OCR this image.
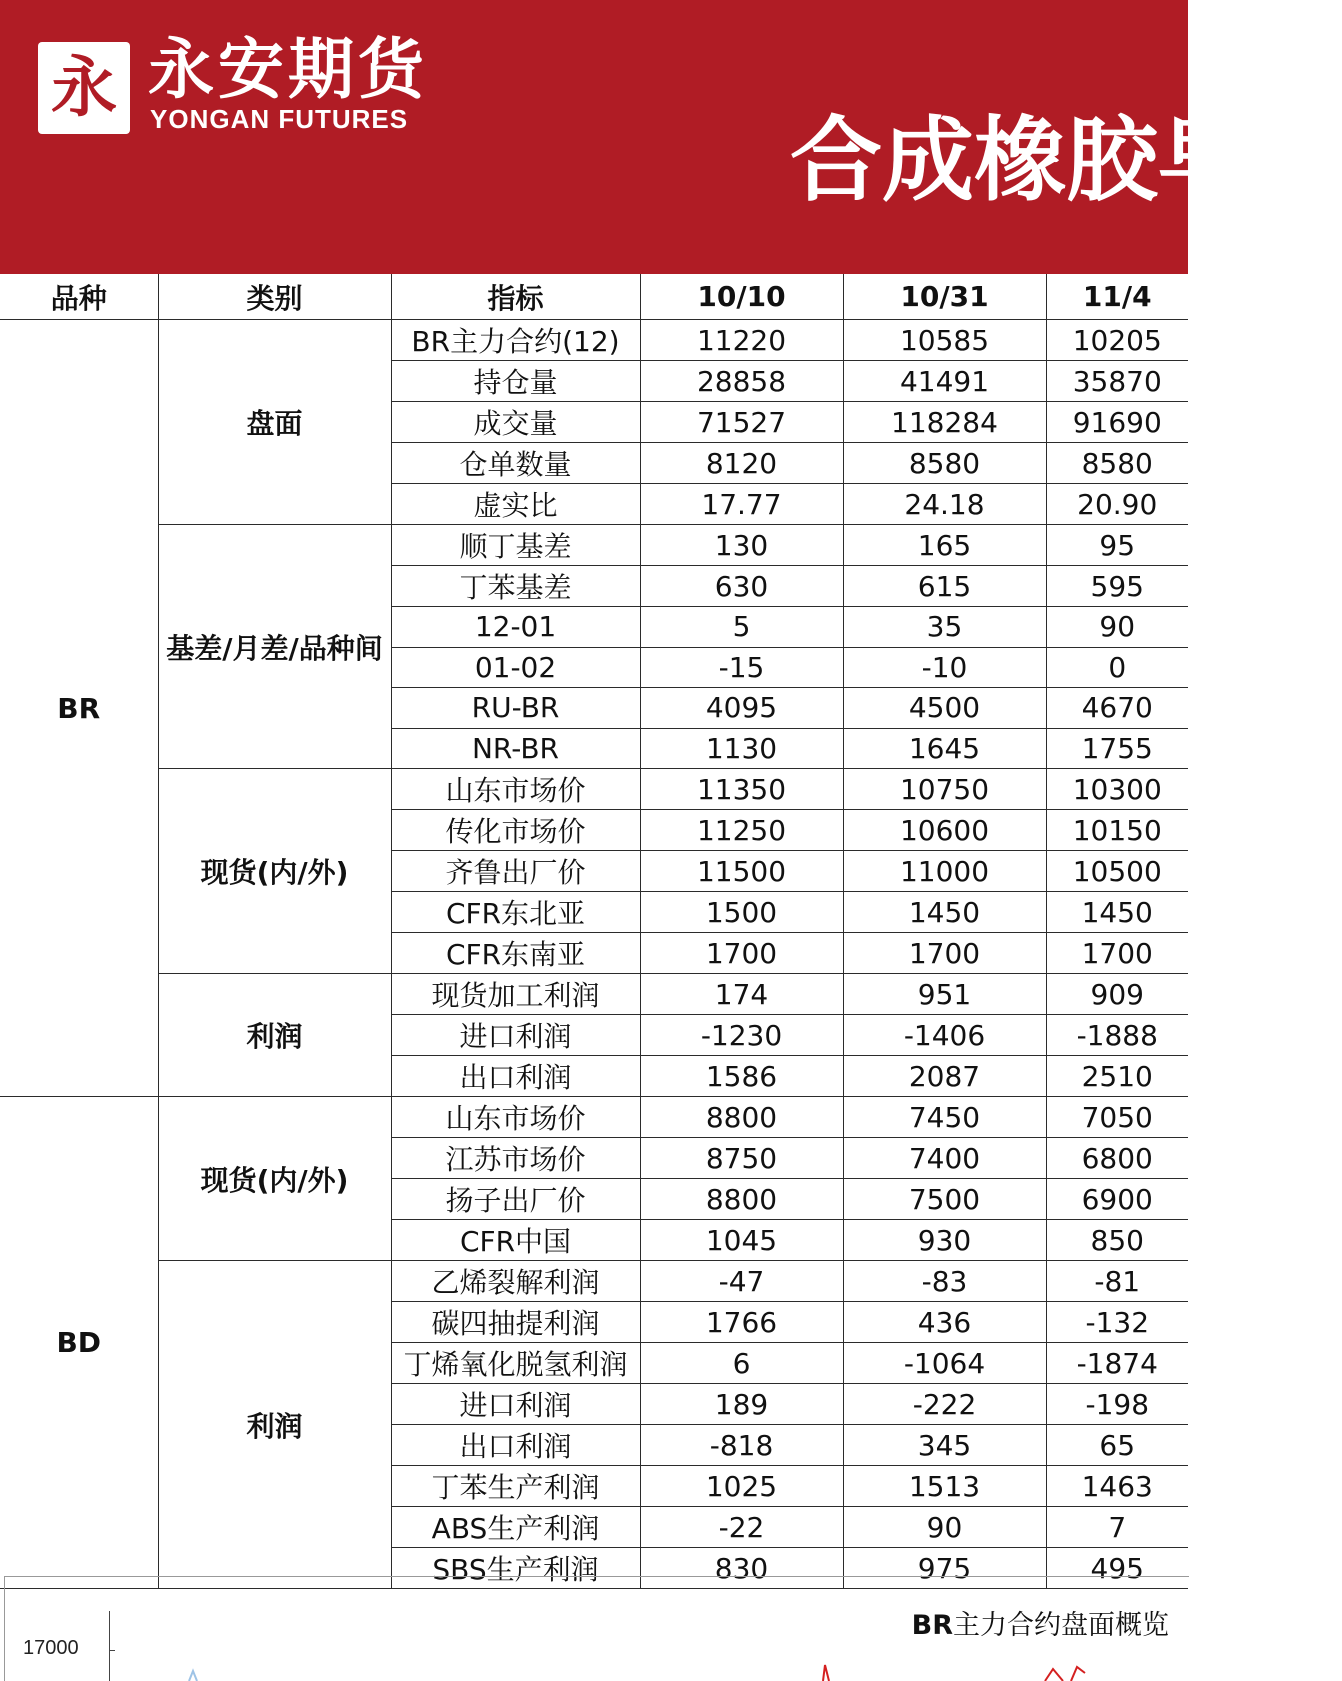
永 永安期货
YONGAN FUTURES	合成橡胶早报
品种	类别	指标	10/10	10/31	11/4
BR	盘面	BR主力合约(12)	11220	10585	10205
		持仓量	28858	41491	35870
		成交量	71527	118284	91690
		仓单数量	8120	8580	8580
		虚实比	17.77	24.18	20.90
	基差/月差/品种间	顺丁基差	130	165	95
		丁苯基差	630	615	595
		12-01	5	35	90
		01-02	-15	-10	0
		RU-BR	4095	4500	4670
		NR-BR	1130	1645	1755
	现货(内/外)	山东市场价	11350	10750	10300
		传化市场价	11250	10600	10150
		齐鲁出厂价	11500	11000	10500
		CFR东北亚	1500	1450	1450
		CFR东南亚	1700	1700	1700
	利润	现货加工利润	174	951	909
		进口利润	-1230	-1406	-1888
		出口利润	1586	2087	2510
BD	现货(内/外)	山东市场价	8800	7450	7050
		江苏市场价	8750	7400	6800
		扬子出厂价	8800	7500	6900
		CFR中国	1045	930	850
	利润	乙烯裂解利润	-47	-83	-81
		碳四抽提利润	1766	436	-132
		丁烯氧化脱氢利润	6	-1064	-1874
		进口利润	189	-222	-198
		出口利润	-818	345	65
		丁苯生产利润	1025	1513	1463
		ABS生产利润	-22	90	7
		SBS生产利润	830	975	495
BR主力合约盘面概览
17000
